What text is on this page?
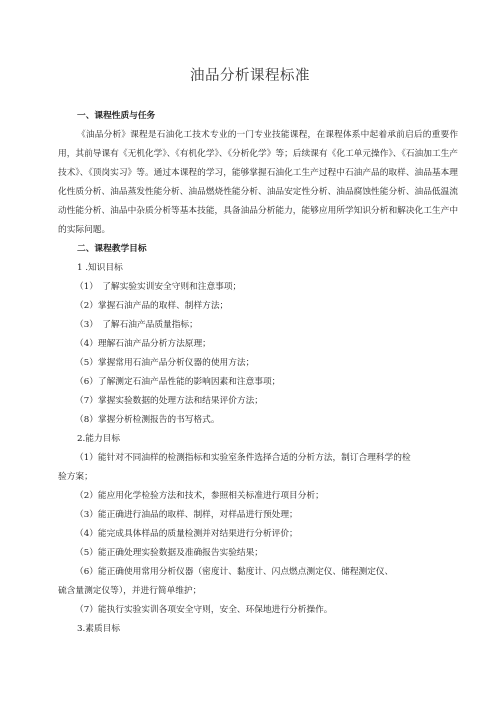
油品分析课程标准
一、课程性质与任务
《油品分析》课程是石油化工技术专业的一门专业技能课程，在课程体系中起着承前启后的重要作用，其前导课有《无机化学》、《有机化学》、《分析化学》等；后续课有《化工单元操作》、《石油加工生产技术》、《顶岗实习》等。通过本课程的学习，能够掌握石油化工生产过程中石油产品的取样、油品基本理化性质分析、油品蒸发性能分析、油品燃烧性能分析、油品安定性分析、油品腐蚀性能分析、油品低温流动性能分析、油品中杂质分析等基本技能，具备油品分析能力，能够应用所学知识分析和解决化工生产中的实际问题。
二、课程教学目标
1 .知识目标
（1）　了解实验实训安全守则和注意事项；
（2）掌握石油产品的取样、制样方法；
（3）　了解石油产品质量指标；
（4）理解石油产品分析方法原理；
（5）掌握常用石油产品分析仪器的使用方法；
（6）了解测定石油产品性能的影响因素和注意事项；
（7）掌握实验数据的处理方法和结果评价方法；
（8）掌握分析检测报告的书写格式。
2.能力目标
（1）能针对不同油样的检测指标和实验室条件选择合适的分析方法，制订合理科学的检
验方案；
（2）能应用化学检验方法和技术，参照相关标准进行项目分析；
（3）能正确进行油品的取样、制样，对样品进行预处理；
（4）能完成具体样品的质量检测并对结果进行分析评价；
（5）能正确处理实验数据及准确报告实验结果；
（6）能正确使用常用分析仪器（密度计、黏度计、闪点燃点测定仪、储程测定仪、
硫含量测定仪等），并进行简单维护；
（7）能执行实验实训各项安全守则，安全、环保地进行分析操作。
3.素质目标
